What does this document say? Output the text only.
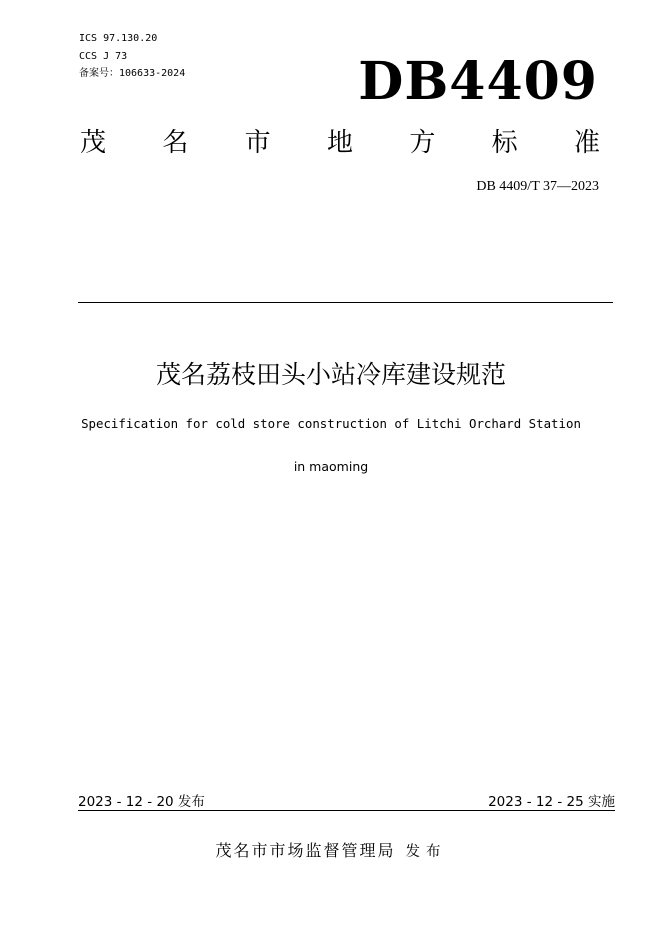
ICS 97.130.20
CCS J 73
备案号：106633-2024	DB4409
茂 名 市 地 方 标 准
DB 4409/T 37—2023
茂名荔枝田头小站冷库建设规范
Specification for cold store construction of Litchi Orchard Station
in maoming
2023 - 12 - 20 发布	2023 - 12 - 25 实施
茂名市市场监督管理局 发布
